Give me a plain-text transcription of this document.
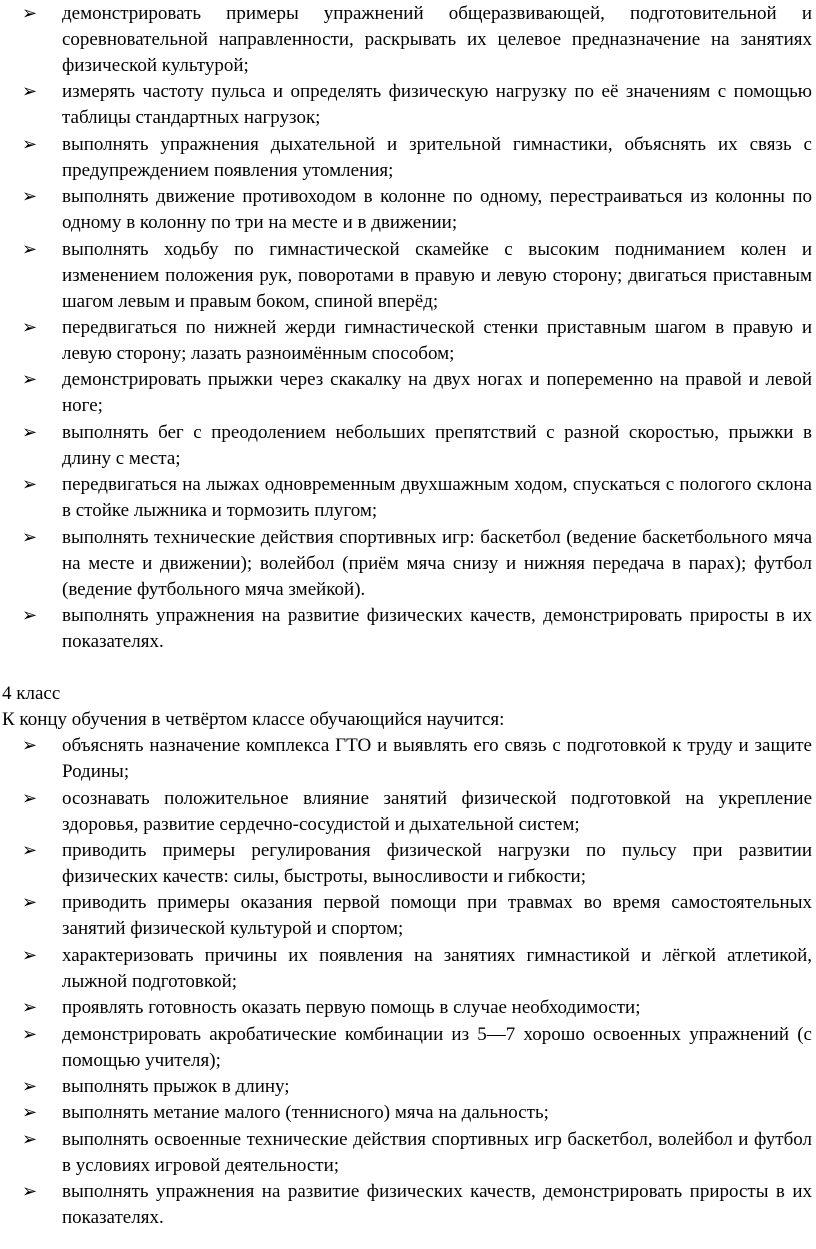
➢ демонстрировать примеры упражнений общеразвивающей, подготовительной и соревновательной направленности, раскрывать их целевое предназначение на занятиях физической культурой;
➢ измерять частоту пульса и определять физическую нагрузку по её значениям с помощью таблицы стандартных нагрузок;
➢ выполнять упражнения дыхательной и зрительной гимнастики, объяснять их связь с предупреждением появления утомления;
➢ выполнять движение противоходом в колонне по одному, перестраиваться из колонны по одному в колонну по три на месте и в движении;
➢ выполнять ходьбу по гимнастической скамейке с высоким подниманием колен и изменением положения рук, поворотами в правую и левую сторону; двигаться приставным шагом левым и правым боком, спиной вперёд;
➢ передвигаться по нижней жерди гимнастической стенки приставным шагом в правую и левую сторону; лазать разноимённым способом;
➢ демонстрировать прыжки через скакалку на двух ногах и попеременно на правой и левой ноге;
➢ выполнять бег с преодолением небольших препятствий с разной скоростью, прыжки в длину с места;
➢ передвигаться на лыжах одновременным двухшажным ходом, спускаться с пологого склона в стойке лыжника и тормозить плугом;
➢ выполнять технические действия спортивных игр: баскетбол (ведение баскетбольного мяча на месте и движении); волейбол (приём мяча снизу и нижняя передача в парах); футбол (ведение футбольного мяча змейкой).
➢ выполнять упражнения на развитие физических качеств, демонстрировать приросты в их показателях.

4 класс

К концу обучения в четвёртом классе обучающийся научится:

➢ объяснять назначение комплекса ГТО и выявлять его связь с подготовкой к труду и защите Родины;
➢ осознавать положительное влияние занятий физической подготовкой на укрепление здоровья, развитие сердечно-сосудистой и дыхательной систем;
➢ приводить примеры регулирования физической нагрузки по пульсу при развитии физических качеств: силы, быстроты, выносливости и гибкости;
➢ приводить примеры оказания первой помощи при травмах во время самостоятельных занятий физической культурой и спортом;
➢ характеризовать причины их появления на занятиях гимнастикой и лёгкой атлетикой, лыжной подготовкой;
➢ проявлять готовность оказать первую помощь в случае необходимости;
➢ демонстрировать акробатические комбинации из 5—7 хорошо освоенных упражнений (с помощью учителя);
➢ выполнять прыжок в длину;
➢ выполнять метание малого (теннисного) мяча на дальность;
➢ выполнять освоенные технические действия спортивных игр баскетбол, волейбол и футбол в условиях игровой деятельности;
➢ выполнять упражнения на развитие физических качеств, демонстрировать приросты в их показателях.
